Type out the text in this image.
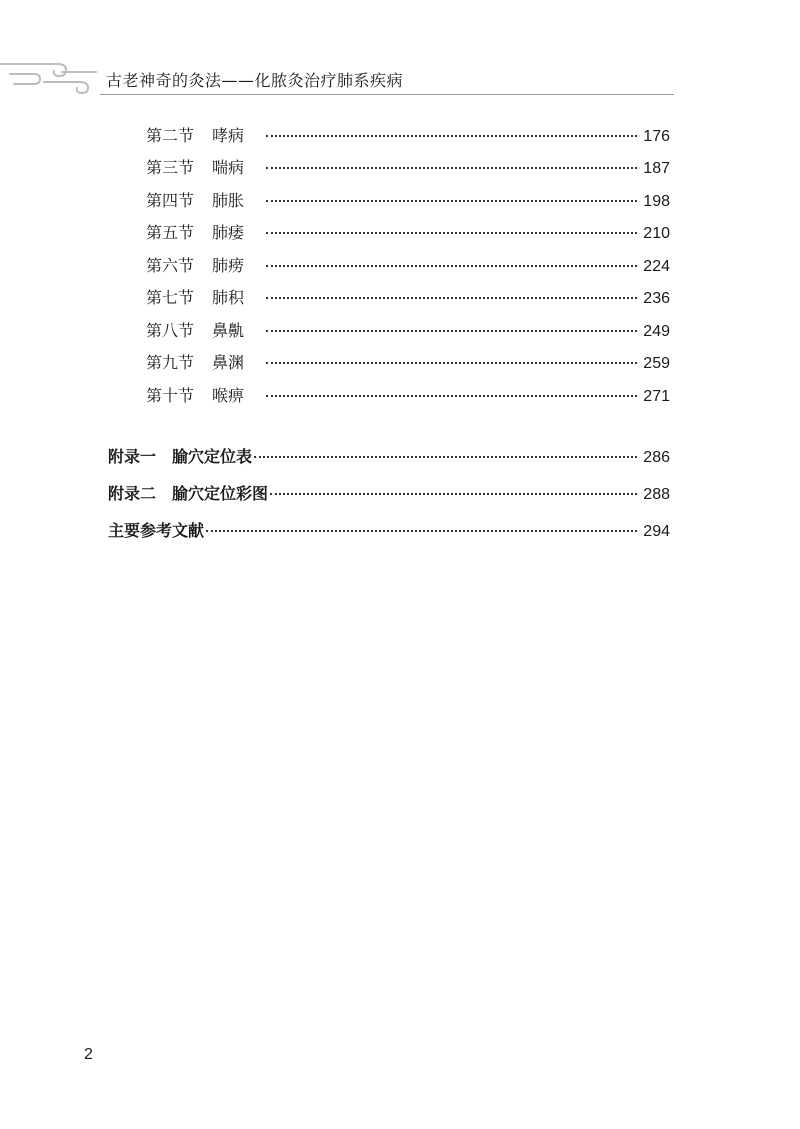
古老神奇的灸法——化脓灸治疗肺系疾病
第二节	哮病	176
第三节	喘病	187
第四节	肺胀	198
第五节	肺痿	210
第六节	肺痨	224
第七节	肺积	236
第八节	鼻鼽	249
第九节	鼻渊	259
第十节	喉痹	271
附录一 腧穴定位表	286
附录二 腧穴定位彩图	288
主要参考文献	294
2
